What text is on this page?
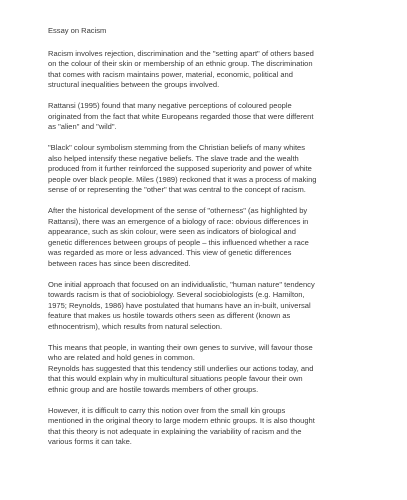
Essay on Racism
Racism involves rejection, discrimination and the "setting apart" of others based
on the colour of their skin or membership of an ethnic group. The discrimination
that comes with racism maintains power, material, economic, political and
structural inequalities between the groups involved.
Rattansi (1995) found that many negative perceptions of coloured people
originated from the fact that white Europeans regarded those that were different
as "alien" and "wild".
"Black" colour symbolism stemming from the Christian beliefs of many whites
also helped intensify these negative beliefs. The slave trade and the wealth
produced from it further reinforced the supposed superiority and power of white
people over black people. Miles (1989) reckoned that it was a process of making
sense of or representing the "other" that was central to the concept of racism.
After the historical development of the sense of "otherness" (as highlighted by
Rattansi), there was an emergence of a biology of race: obvious differences in
appearance, such as skin colour, were seen as indicators of biological and
genetic differences between groups of people – this influenced whether a race
was regarded as more or less advanced. This view of genetic differences
between races has since been discredited.
One initial approach that focused on an individualistic, "human nature" tendency
towards racism is that of sociobiology. Several sociobiologists (e.g. Hamilton,
1975; Reynolds, 1986) have postulated that humans have an in-built, universal
feature that makes us hostile towards others seen as different (known as
ethnocentrism), which results from natural selection.
This means that people, in wanting their own genes to survive, will favour those
who are related and hold genes in common.
Reynolds has suggested that this tendency still underlies our actions today, and
that this would explain why in multicultural situations people favour their own
ethnic group and are hostile towards members of other groups.
However, it is difficult to carry this notion over from the small kin groups
mentioned in the original theory to large modern ethnic groups. It is also thought
that this theory is not adequate in explaining the variability of racism and the
various forms it can take.
